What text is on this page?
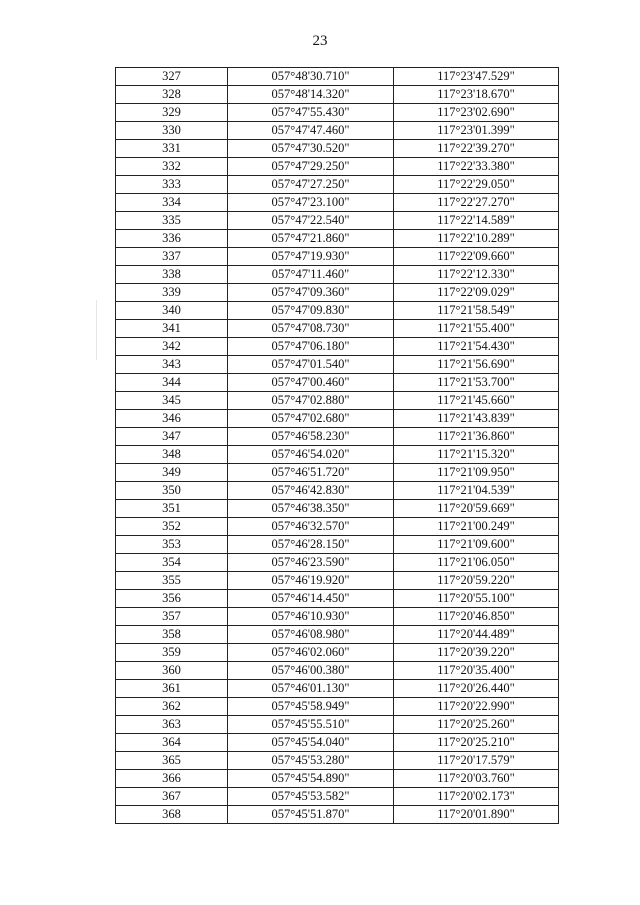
23
327	057°48'30.710"	117°23'47.529"
328	057°48'14.320"	117°23'18.670"
329	057°47'55.430"	117°23'02.690"
330	057°47'47.460"	117°23'01.399"
331	057°47'30.520"	117°22'39.270"
332	057°47'29.250"	117°22'33.380"
333	057°47'27.250"	117°22'29.050"
334	057°47'23.100"	117°22'27.270"
335	057°47'22.540"	117°22'14.589"
336	057°47'21.860"	117°22'10.289"
337	057°47'19.930"	117°22'09.660"
338	057°47'11.460"	117°22'12.330"
339	057°47'09.360"	117°22'09.029"
340	057°47'09.830"	117°21'58.549"
341	057°47'08.730"	117°21'55.400"
342	057°47'06.180"	117°21'54.430"
343	057°47'01.540"	117°21'56.690"
344	057°47'00.460"	117°21'53.700"
345	057°47'02.880"	117°21'45.660"
346	057°47'02.680"	117°21'43.839"
347	057°46'58.230"	117°21'36.860"
348	057°46'54.020"	117°21'15.320"
349	057°46'51.720"	117°21'09.950"
350	057°46'42.830"	117°21'04.539"
351	057°46'38.350"	117°20'59.669"
352	057°46'32.570"	117°21'00.249"
353	057°46'28.150"	117°21'09.600"
354	057°46'23.590"	117°21'06.050"
355	057°46'19.920"	117°20'59.220"
356	057°46'14.450"	117°20'55.100"
357	057°46'10.930"	117°20'46.850"
358	057°46'08.980"	117°20'44.489"
359	057°46'02.060"	117°20'39.220"
360	057°46'00.380"	117°20'35.400"
361	057°46'01.130"	117°20'26.440"
362	057°45'58.949"	117°20'22.990"
363	057°45'55.510"	117°20'25.260"
364	057°45'54.040"	117°20'25.210"
365	057°45'53.280"	117°20'17.579"
366	057°45'54.890"	117°20'03.760"
367	057°45'53.582"	117°20'02.173"
368	057°45'51.870"	117°20'01.890"
